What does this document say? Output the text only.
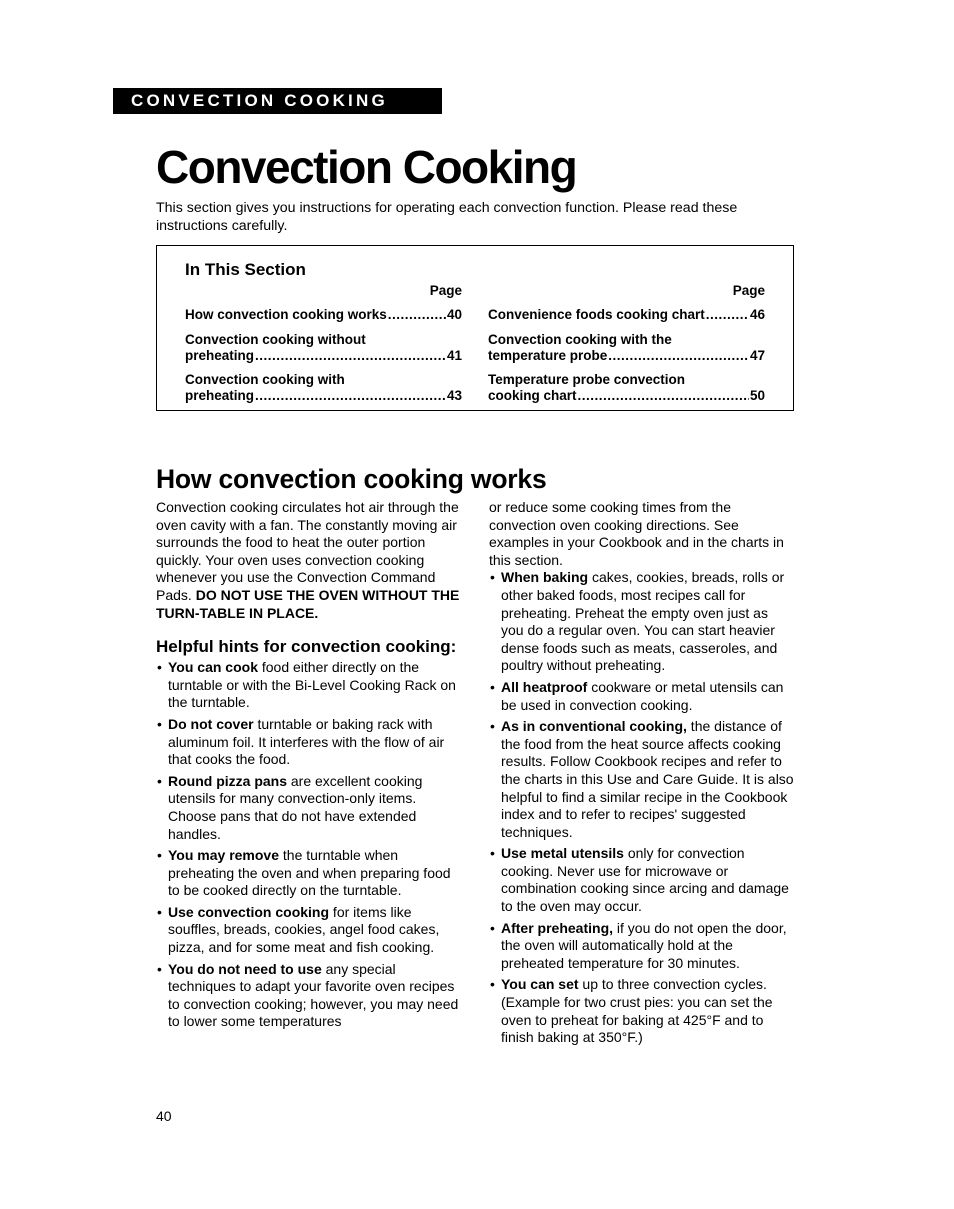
CONVECTION COOKING
Convection Cooking

This section gives you instructions for operating each convection function. Please read these instructions carefully.

In This Section
Page
How convection cooking works .....	40
Convection cooking without
preheating .....	41
Convection cooking with
preheating .....	43
Page
Convenience foods cooking chart .....	46
Convection cooking with the
temperature probe .....	47
Temperature probe convection
cooking chart .....	50
How convection cooking works

Convection cooking circulates hot air through the oven cavity with a fan. The constantly moving air surrounds the food to heat the outer portion quickly. Your oven uses convection cooking whenever you use the Convection Command Pads. DO NOT USE THE OVEN WITHOUT THE TURN-TABLE IN PLACE.

Helpful hints for convection cooking:
• You can cook food either directly on the turntable or with the Bi-Level Cooking Rack on the turntable.
• Do not cover turntable or baking rack with aluminum foil. It interferes with the flow of air that cooks the food.
• Round pizza pans are excellent cooking utensils for many convection-only items. Choose pans that do not have extended handles.
• You may remove the turntable when preheating the oven and when preparing food to be cooked directly on the turntable.
• Use convection cooking for items like souffles, breads, cookies, angel food cakes, pizza, and for some meat and fish cooking.
• You do not need to use any special techniques to adapt your favorite oven recipes to convection cooking; however, you may need to lower some temperatures

or reduce some cooking times from the convection oven cooking directions. See examples in your Cookbook and in the charts in this section.

• When baking cakes, cookies, breads, rolls or other baked foods, most recipes call for preheating. Preheat the empty oven just as you do a regular oven. You can start heavier dense foods such as meats, casseroles, and poultry without preheating.
• All heatproof cookware or metal utensils can be used in convection cooking.
• As in conventional cooking, the distance of the food from the heat source affects cooking results. Follow Cookbook recipes and refer to the charts in this Use and Care Guide. It is also helpful to find a similar recipe in the Cookbook index and to refer to recipes' suggested techniques.
• Use metal utensils only for convection cooking. Never use for microwave or combination cooking since arcing and damage to the oven may occur.
• After preheating, if you do not open the door, the oven will automatically hold at the preheated temperature for 30 minutes.
• You can set up to three convection cycles. (Example for two crust pies: you can set the oven to preheat for baking at 425°F and to finish baking at 350°F.)
40
